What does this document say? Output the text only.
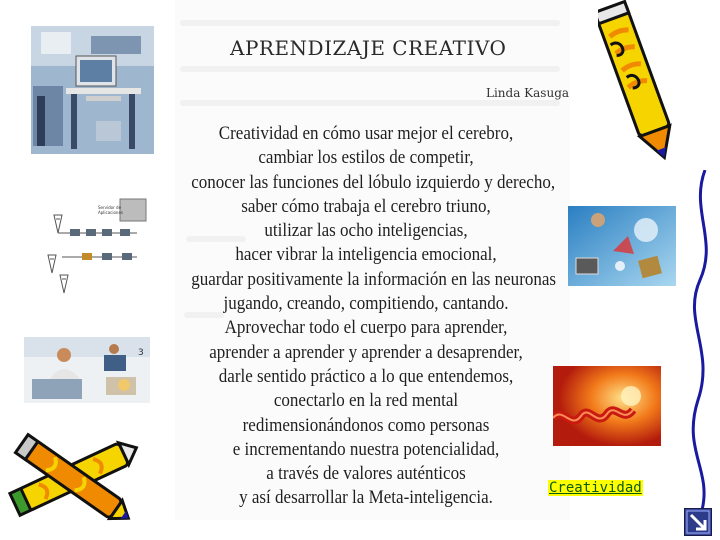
APRENDIZAJE CREATIVO
Linda Kasuga
Creatividad en cómo usar mejor el cerebro,
cambiar los estilos de competir,
conocer las funciones del lóbulo izquierdo y derecho,
saber cómo trabaja el cerebro triuno,
utilizar las ocho inteligencias,
hacer vibrar la inteligencia emocional,
guardar positivamente la información en las neuronas
jugando, creando, compitiendo, cantando.
Aprovechar todo el cuerpo para aprender,
aprender a aprender y aprender a desaprender,
darle sentido práctico a lo que entendemos,
conectarlo en la red mental
redimensionándonos como personas
e incrementando nuestra potencialidad,
a través de valores auténticos
y así desarrollar la Meta-inteligencia.
Servidor de
Aplicaciones
3
Creatividad
